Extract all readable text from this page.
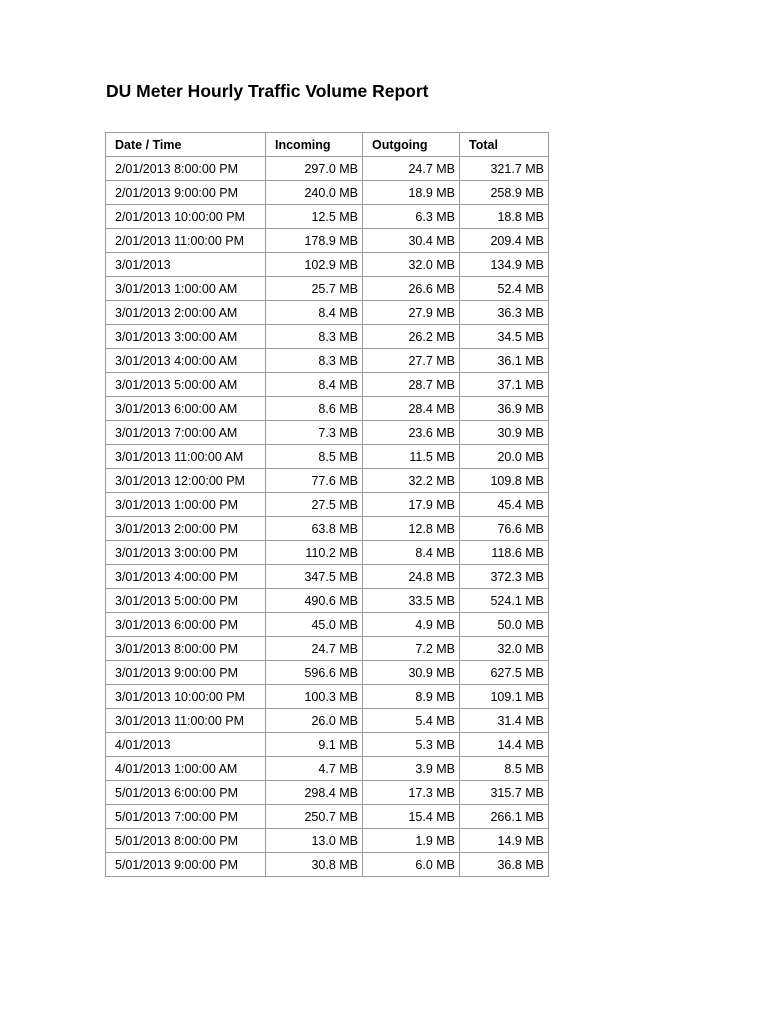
DU Meter Hourly Traffic Volume Report
Date / Time	Incoming	Outgoing	Total
2/01/2013 8:00:00 PM	297.0 MB	24.7 MB	321.7 MB
2/01/2013 9:00:00 PM	240.0 MB	18.9 MB	258.9 MB
2/01/2013 10:00:00 PM	12.5 MB	6.3 MB	18.8 MB
2/01/2013 11:00:00 PM	178.9 MB	30.4 MB	209.4 MB
3/01/2013	102.9 MB	32.0 MB	134.9 MB
3/01/2013 1:00:00 AM	25.7 MB	26.6 MB	52.4 MB
3/01/2013 2:00:00 AM	8.4 MB	27.9 MB	36.3 MB
3/01/2013 3:00:00 AM	8.3 MB	26.2 MB	34.5 MB
3/01/2013 4:00:00 AM	8.3 MB	27.7 MB	36.1 MB
3/01/2013 5:00:00 AM	8.4 MB	28.7 MB	37.1 MB
3/01/2013 6:00:00 AM	8.6 MB	28.4 MB	36.9 MB
3/01/2013 7:00:00 AM	7.3 MB	23.6 MB	30.9 MB
3/01/2013 11:00:00 AM	8.5 MB	11.5 MB	20.0 MB
3/01/2013 12:00:00 PM	77.6 MB	32.2 MB	109.8 MB
3/01/2013 1:00:00 PM	27.5 MB	17.9 MB	45.4 MB
3/01/2013 2:00:00 PM	63.8 MB	12.8 MB	76.6 MB
3/01/2013 3:00:00 PM	110.2 MB	8.4 MB	118.6 MB
3/01/2013 4:00:00 PM	347.5 MB	24.8 MB	372.3 MB
3/01/2013 5:00:00 PM	490.6 MB	33.5 MB	524.1 MB
3/01/2013 6:00:00 PM	45.0 MB	4.9 MB	50.0 MB
3/01/2013 8:00:00 PM	24.7 MB	7.2 MB	32.0 MB
3/01/2013 9:00:00 PM	596.6 MB	30.9 MB	627.5 MB
3/01/2013 10:00:00 PM	100.3 MB	8.9 MB	109.1 MB
3/01/2013 11:00:00 PM	26.0 MB	5.4 MB	31.4 MB
4/01/2013	9.1 MB	5.3 MB	14.4 MB
4/01/2013 1:00:00 AM	4.7 MB	3.9 MB	8.5 MB
5/01/2013 6:00:00 PM	298.4 MB	17.3 MB	315.7 MB
5/01/2013 7:00:00 PM	250.7 MB	15.4 MB	266.1 MB
5/01/2013 8:00:00 PM	13.0 MB	1.9 MB	14.9 MB
5/01/2013 9:00:00 PM	30.8 MB	6.0 MB	36.8 MB
